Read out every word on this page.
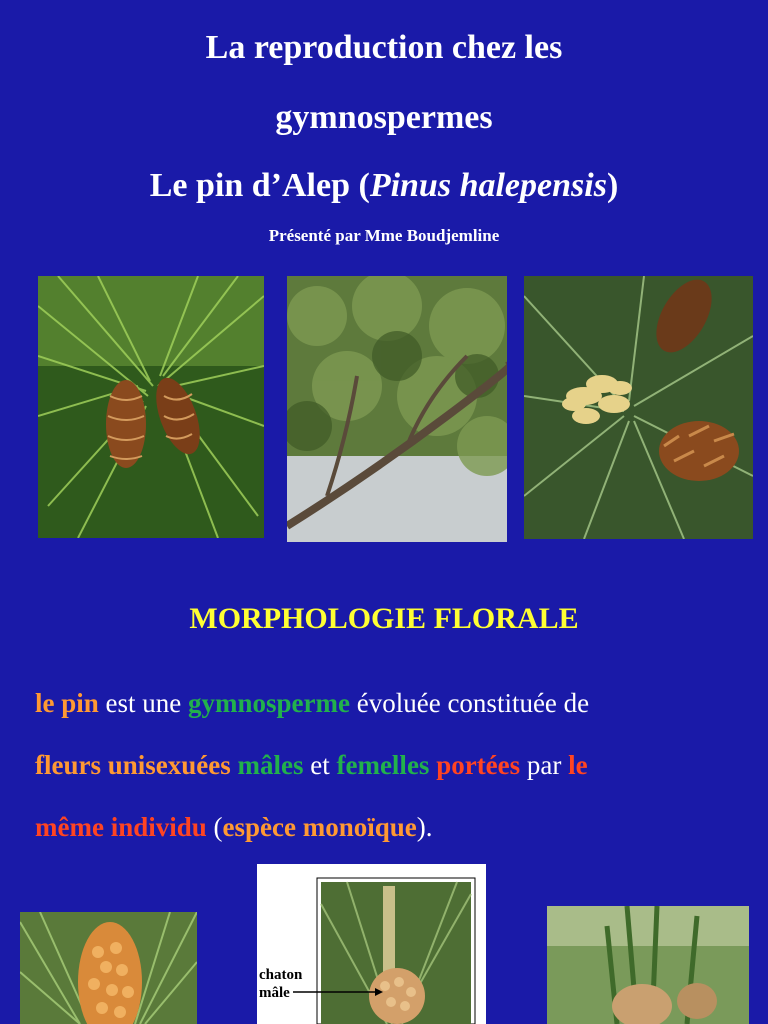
La reproduction chez les
gymnospermes
Le pin d’Alep (Pinus halepensis)
Présenté par Mme Boudjemline
MORPHOLOGIE FLORALE
le pin est une gymnosperme évoluée constituée de
fleurs unisexuées mâles et femelles portées par le
même individu (espèce monoïque).
chaton
mâle
